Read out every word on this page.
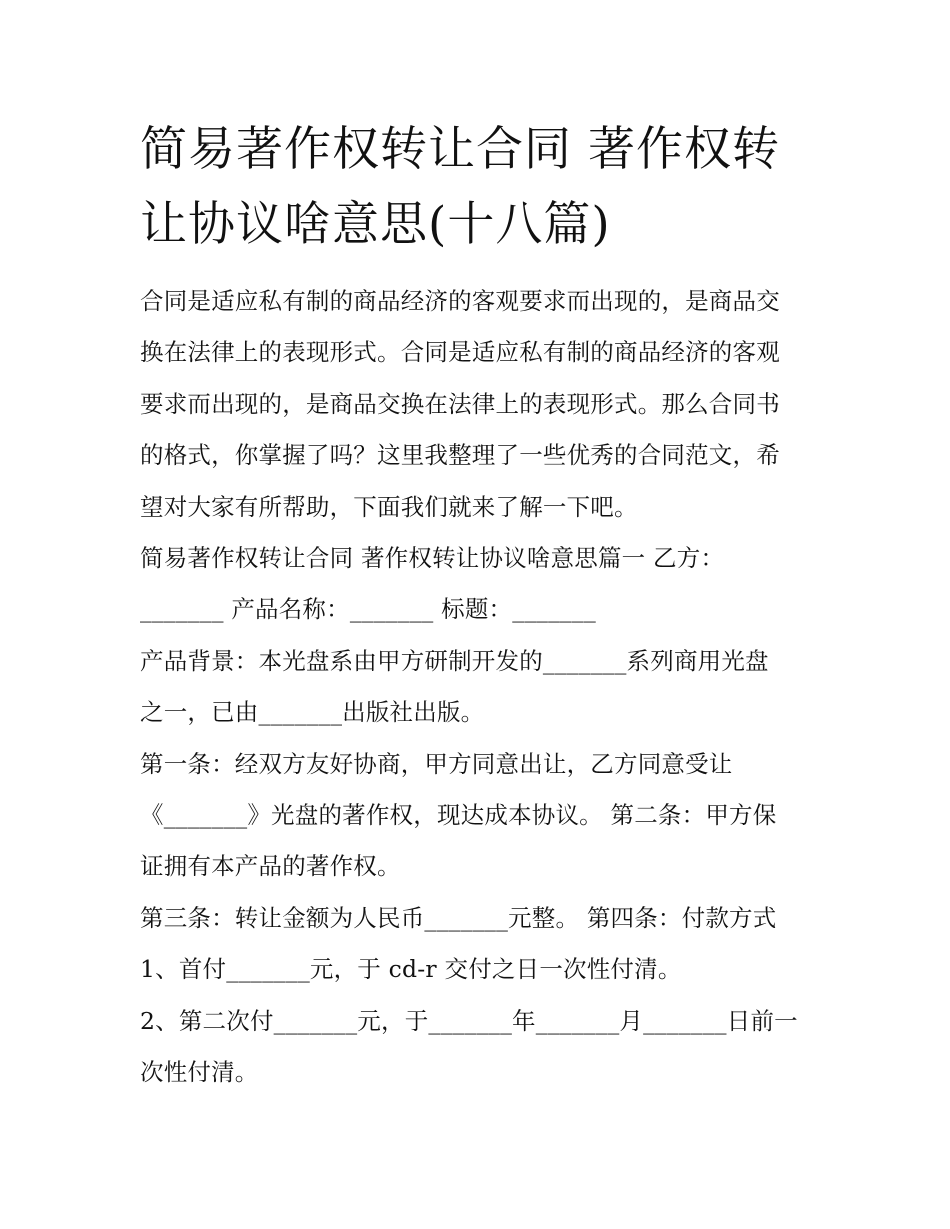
简易著作权转让合同 著作权转
让协议啥意思(十八篇)
合同是适应私有制的商品经济的客观要求而出现的，是商品交
换在法律上的表现形式。合同是适应私有制的商品经济的客观
要求而出现的，是商品交换在法律上的表现形式。那么合同书
的格式，你掌握了吗？这里我整理了一些优秀的合同范文，希
望对大家有所帮助，下面我们就来了解一下吧。
简易著作权转让合同 著作权转让协议啥意思篇一 乙方：
_______ 产品名称：_______ 标题：_______
产品背景：本光盘系由甲方研制开发的_______系列商用光盘
之一，已由_______出版社出版。
第一条：经双方友好协商，甲方同意出让，乙方同意受让
《_______》光盘的著作权，现达成本协议。 第二条：甲方保
证拥有本产品的著作权。
第三条：转让金额为人民币_______元整。 第四条：付款方式
1、首付_______元，于 cd-r 交付之日一次性付清。
2、第二次付_______元，于_______年_______月_______日前一
次性付清。
